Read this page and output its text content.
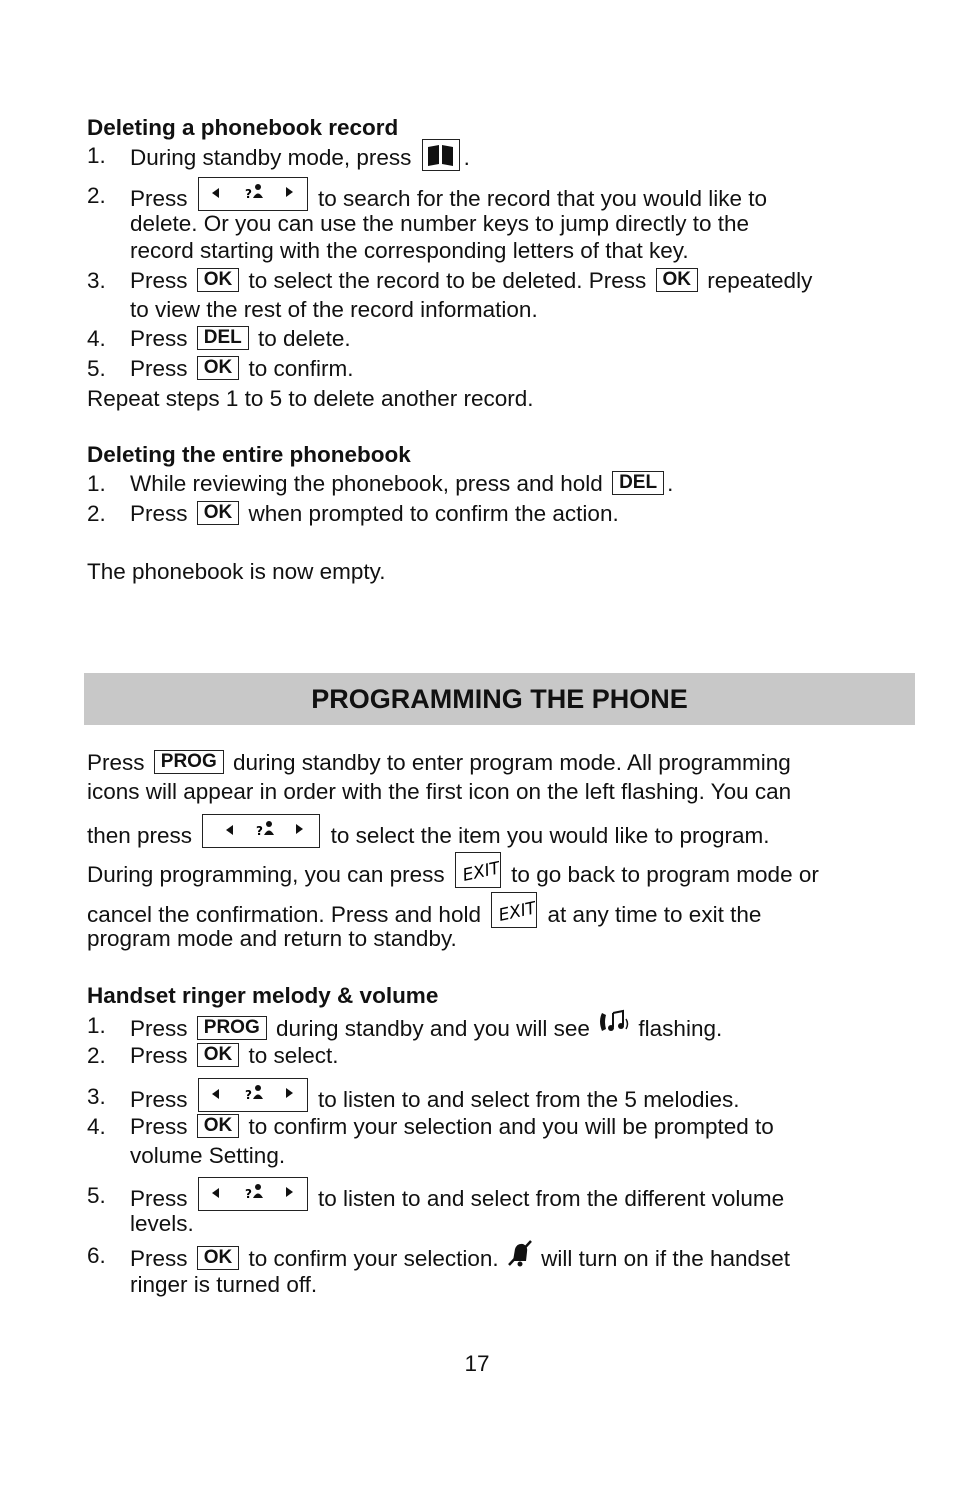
Deleting a phonebook record
1. During standby mode, press .
2. Press	?	to search for the record that you would like to
delete. Or you can use the number keys to jump directly to the
record starting with the corresponding letters of that key.
3. Press OK to select the record to be deleted. Press OK repeatedly
to view the rest of the record information.
4. Press DEL to delete.
5. Press OK to confirm.
Repeat steps 1 to 5 to delete another record.
Deleting the entire phonebook
1. While reviewing the phonebook, press and hold DEL .
2. Press OK when prompted to confirm the action.
The phonebook is now empty.
PROGRAMMING THE PHONE
Press PROG during standby to enter program mode. All programming
icons will appear in order with the first icon on the left flashing. You can
then press	?	to select the item you would like to program.
During programming, you can press EXIT to go back to program mode or
cancel the confirmation. Press and hold EXIT at any time to exit the
program mode and return to standby.
Handset ringer melody & volume
1. Press PROG during standby and you will see  flashing.
2. Press OK to select.
3. Press	?	to listen to and select from the 5 melodies.
4. Press OK to confirm your selection and you will be prompted to
volume Setting.
5. Press	?	to listen to and select from the different volume
levels.
6. Press OK to confirm your selection.  will turn on if the handset
ringer is turned off.
17
